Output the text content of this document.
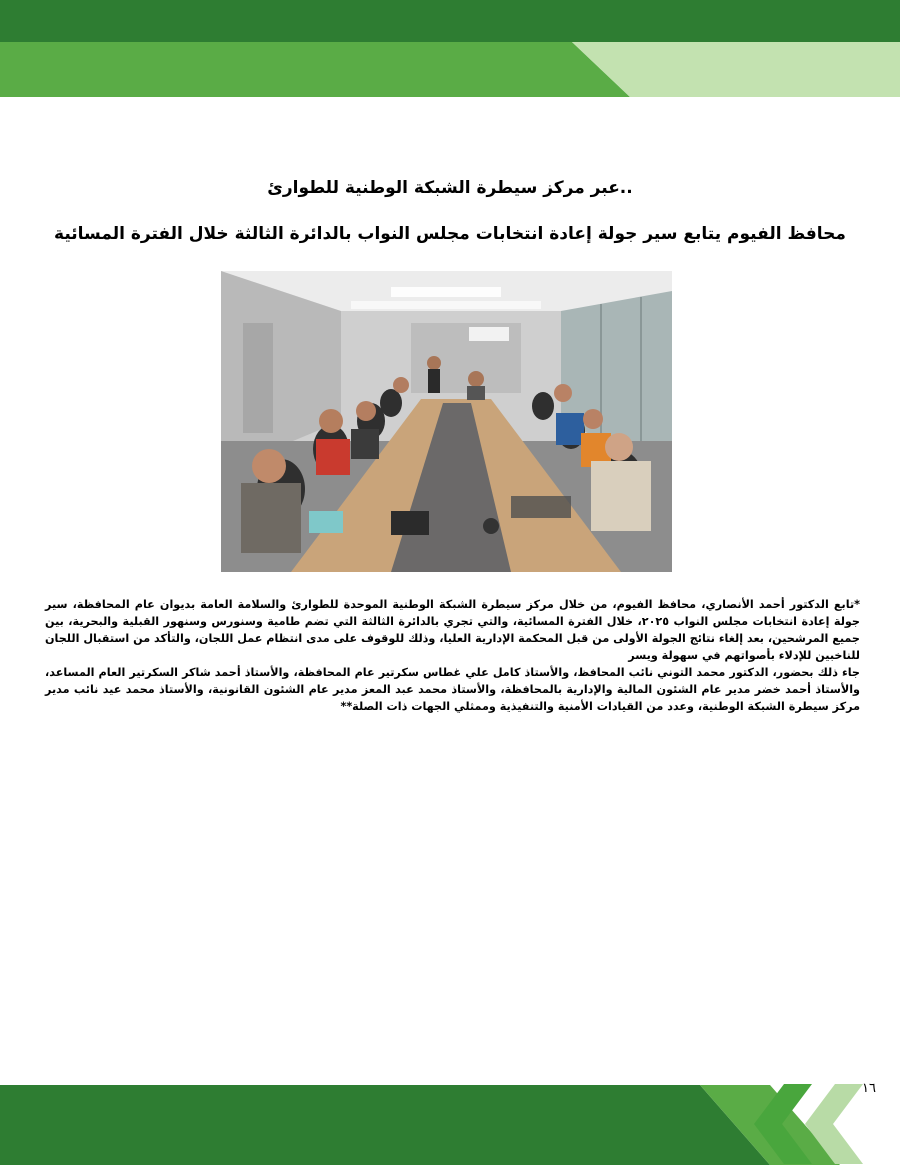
..عبر مركز سيطرة الشبكة الوطنية للطوارئ
محافظ الفيوم يتابع سير جولة إعادة انتخابات مجلس النواب بالدائرة الثالثة خلال الفترة المسائية

*تابع الدكتور أحمد الأنصاري، محافظ الفيوم، من خلال مركز سيطرة الشبكة الوطنية الموحدة للطوارئ والسلامة العامة بديوان عام المحافظة، سير جولة إعادة انتخابات مجلس النواب ٢٠٢٥، خلال الفترة المسائية، والتي تجري بالدائرة الثالثة التي تضم طامية وسنورس وسنهور القبلية والبحرية، بين جميع المرشحين، بعد إلغاء نتائج الجولة الأولى من قبل المحكمة الإدارية العليا، وذلك للوقوف على مدى انتظام عمل اللجان، والتأكد من استقبال اللجان للناخبين للإدلاء بأصواتهم في سهولة ويسر

جاء ذلك بحضور، الدكتور محمد التوني نائب المحافظ، والأستاذ كامل علي غطاس سكرتير عام المحافظة، والأستاذ أحمد شاكر السكرتير العام المساعد، والأستاذ أحمد خضر مدير عام الشئون المالية والإدارية بالمحافظة، والأستاذ محمد عبد المعز مدير عام الشئون القانونية، والأستاذ محمد عيد نائب مدير مركز سيطرة الشبكة الوطنية، وعدد من القيادات الأمنية والتنفيذية وممثلي الجهات ذات الصلة**

١٦
